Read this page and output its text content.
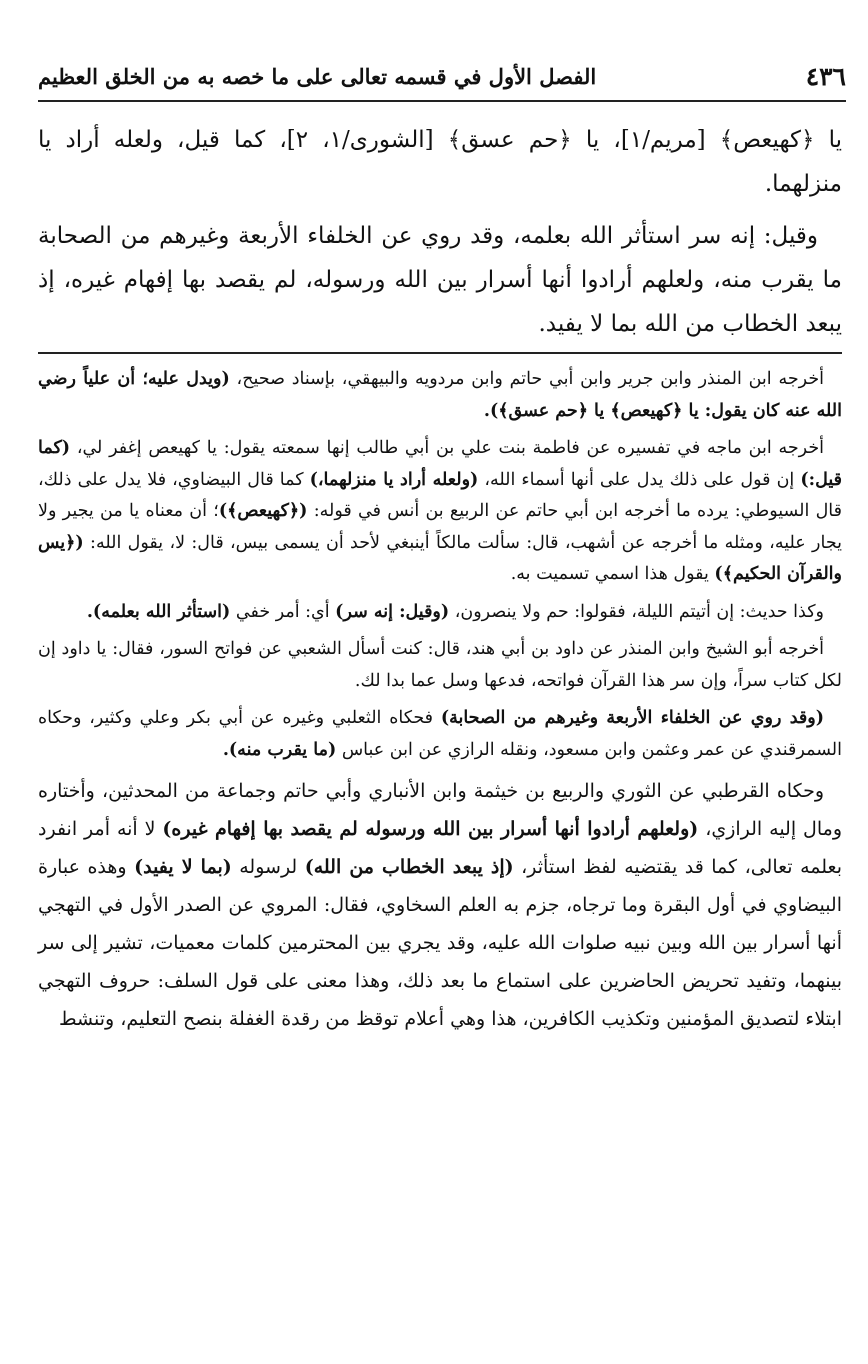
٤٣٦
الفصل الأول في قسمه تعالى على ما خصه به من الخلق العظيم

يا ﴿كهيعص﴾ [مريم/١]، يا ﴿حم عسق﴾ [الشورى/١، ٢]، كما قيل، ولعله أراد يا منزلهما.

وقيل: إنه سر استأثر الله بعلمه، وقد روي عن الخلفاء الأربعة وغيرهم من الصحابة ما يقرب منه، ولعلهم أرادوا أنها أسرار بين الله ورسوله، لم يقصد بها إفهام غيره، إذ يبعد الخطاب من الله بما لا يفيد.

أخرجه ابن المنذر وابن جرير وابن أبي حاتم وابن مردويه والبيهقي، بإسناد صحيح، (ويدل عليه؛ أن علياً رضي الله عنه كان يقول: يا ﴿كهيعص﴾ يا ﴿حم عسق﴾).

أخرجه ابن ماجه في تفسيره عن فاطمة بنت علي بن أبي طالب إنها سمعته يقول: يا كهيعص إغفر لي، (كما قيل:) إن قول على ذلك يدل على أنها أسماء الله، (ولعله أراد يا منزلهما،) كما قال البيضاوي، فلا يدل على ذلك، قال السيوطي: يرده ما أخرجه ابن أبي حاتم عن الربيع بن أنس في قوله: (﴿كهيعص﴾)؛ أن معناه يا من يجير ولا يجار عليه، ومثله ما أخرجه عن أشهب، قال: سألت مالكاً أينبغي لأحد أن يسمى بيس، قال: لا، يقول الله: (﴿يس والقرآن الحكيم﴾) يقول هذا اسمي تسميت به.

وكذا حديث: إن أتيتم الليلة، فقولوا: حم ولا ينصرون، (وقيل: إنه سر) أي: أمر خفي (استأثر الله بعلمه).

أخرجه أبو الشيخ وابن المنذر عن داود بن أبي هند، قال: كنت أسأل الشعبي عن فواتح السور، فقال: يا داود إن لكل كتاب سراً، وإن سر هذا القرآن فواتحه، فدعها وسل عما بدا لك.

(وقد روي عن الخلفاء الأربعة وغيرهم من الصحابة) فحكاه الثعلبي وغيره عن أبي بكر وعلي وكثير، وحكاه السمرقندي عن عمر وعثمن وابن مسعود، ونقله الرازي عن ابن عباس (ما يقرب منه).

وحكاه القرطبي عن الثوري والربيع بن خيثمة وابن الأنباري وأبي حاتم وجماعة من المحدثين، وأختاره ومال إليه الرازي، (ولعلهم أرادوا أنها أسرار بين الله ورسوله لم يقصد بها إفهام غيره) لا أنه أمر انفرد بعلمه تعالى، كما قد يقتضيه لفظ استأثر، (إذ يبعد الخطاب من الله) لرسوله (بما لا يفيد) وهذه عبارة البيضاوي في أول البقرة وما ترجاه، جزم به العلم السخاوي، فقال: المروي عن الصدر الأول في التهجي أنها أسرار بين الله وبين نبيه صلوات الله عليه، وقد يجري بين المحترمين كلمات معميات، تشير إلى سر بينهما، وتفيد تحريض الحاضرين على استماع ما بعد ذلك، وهذا معنى على قول السلف: حروف التهجي ابتلاء لتصديق المؤمنين وتكذيب الكافرين، هذا وهي أعلام توقظ من رقدة الغفلة بنصح التعليم، وتنشط
